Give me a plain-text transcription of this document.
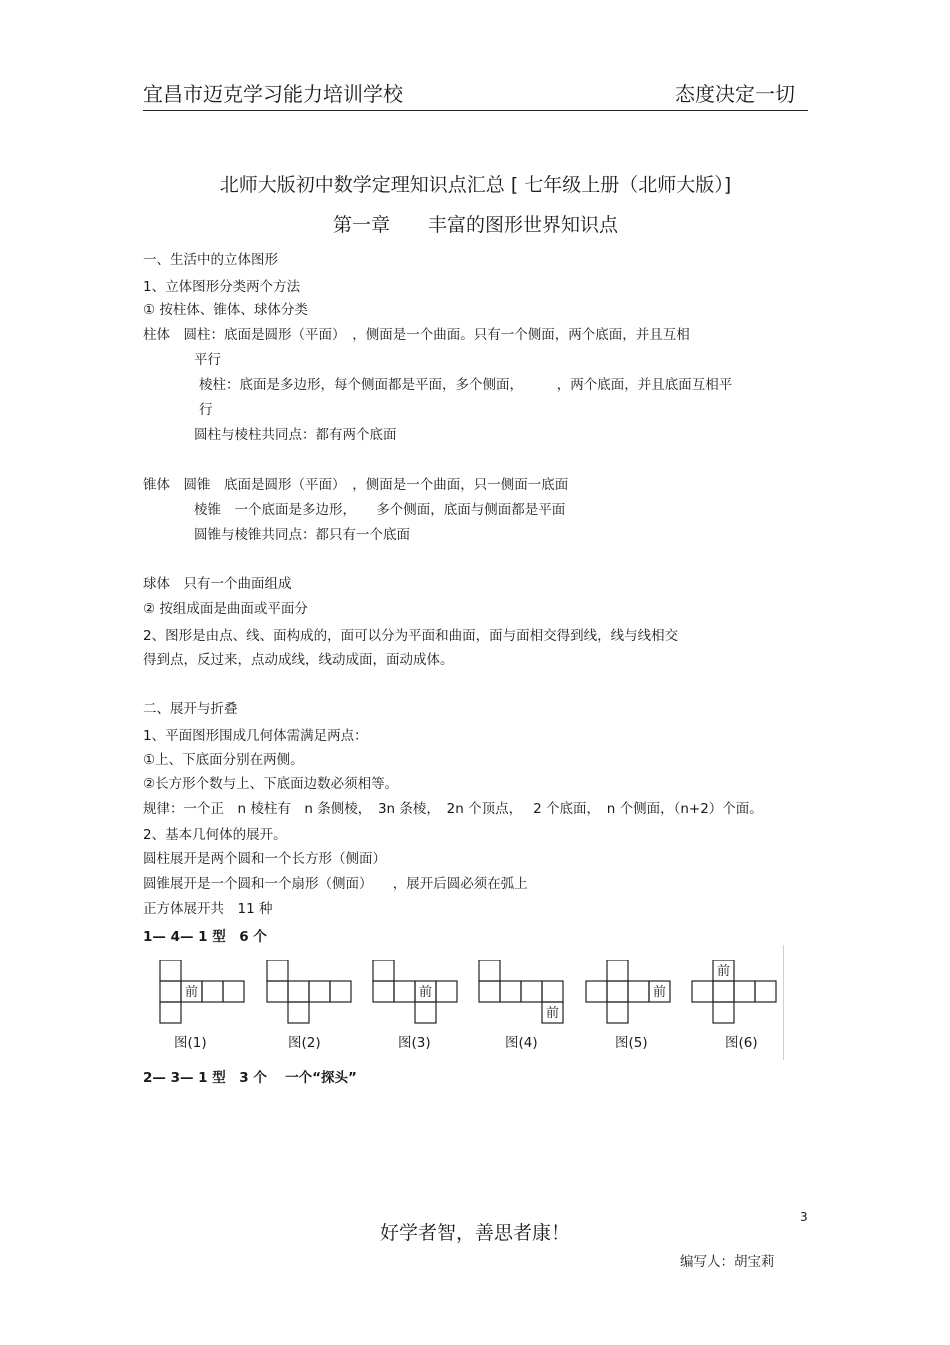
宜昌市迈克学习能力培训学校	态度决定一切
北师大版初中数学定理知识点汇总 [ 七年级上册（北师大版）]
第一章　　丰富的图形世界知识点
一、生活中的立体图形
1、立体图形分类两个方法
① 按柱体、锥体、球体分类
柱体　圆柱：底面是圆形（平面）　，侧面是一个曲面。只有一个侧面，两个底面，并且互相
平行
棱柱：底面是多边形，每个侧面都是平面，多个侧面，　　　，两个底面，并且底面互相平
行
圆柱与棱柱共同点：都有两个底面
锥体　圆锥　底面是圆形（平面）　，侧面是一个曲面，只一侧面一底面
棱锥　一个底面是多边形，　　多个侧面，底面与侧面都是平面
圆锥与棱锥共同点：都只有一个底面
球体　只有一个曲面组成
② 按组成面是曲面或平面分
2、图形是由点、线、面构成的，面可以分为平面和曲面，面与面相交得到线，线与线相交
得到点，反过来，点动成线，线动成面，面动成体。
二、展开与折叠
1、平面图形围成几何体需满足两点：
①上、下底面分别在两侧。
②长方形个数与上、下底面边数必须相等。
规律：一个正　n 棱柱有　n 条侧棱，　3n 条棱，　2n 个顶点，　 2 个底面，　n 个侧面，（n+2）个面。
2、基本几何体的展开。
圆柱展开是两个圆和一个长方形（侧面）
圆锥展开是一个圆和一个扇形（侧面）　　，展开后圆必须在弧上
正方体展开共　11 种
1— 4— 1 型　6 个
前	前
前
前
前
图(1)	图(2)	图(3)	图(4)	图(5)	图(6)
2— 3— 1 型　3 个　 一个“探头”
3
好学者智，善思者康！
编写人：胡宝莉
